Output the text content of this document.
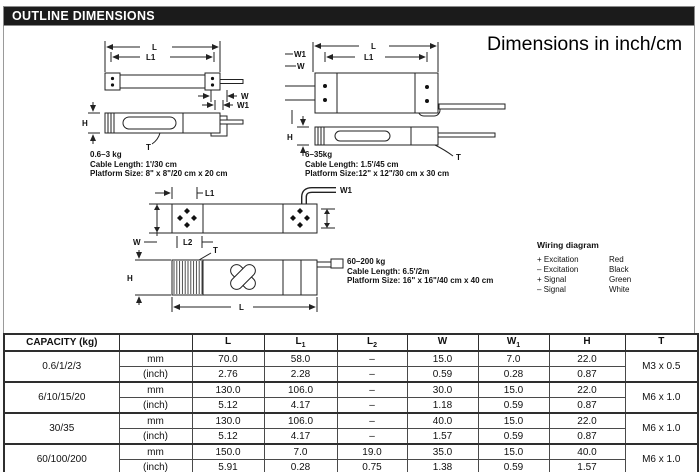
OUTLINE DIMENSIONS
Dimensions in inch/cm
L
L1
W
W1
H
T
0.6–3 kg
Cable Length: 1'/30 cm
Platform Size: 8" x 8"/20 cm x 20 cm
L
L1
W1
W
H
T
6–35kg
Cable Length: 1.5'/45 cm
Platform Size:12" x 12"/30 cm x 30 cm
L1	W1
W	L2
T
H
L
60–200 kg
Cable Length: 6.5'/2m
Platform Size: 16" x 16"/40 cm x 40 cm
Wiring diagram
+ Excitation	Red
– Excitation	Black
+ Signal	Green
– Signal	White
CAPACITY (kg)		L	$L_1$	$L_2$	W	$W_1$	H	T
0.6/1/2/3	mm	70.0	58.0	–	15.0	7.0	22.0	M3 x 0.5
	(inch)	2.76	2.28	–	0.59	0.28	0.87	
6/10/15/20	mm	130.0	106.0	–	30.0	15.0	22.0	M6 x 1.0
	(inch)	5.12	4.17	–	1.18	0.59	0.87	
30/35	mm	130.0	106.0	–	40.0	15.0	22.0	M6 x 1.0
	(inch)	5.12	4.17	–	1.57	0.59	0.87	
60/100/200	mm	150.0	7.0	19.0	35.0	15.0	40.0	M6 x 1.0
	(inch)	5.91	0.28	0.75	1.38	0.59	1.57	
